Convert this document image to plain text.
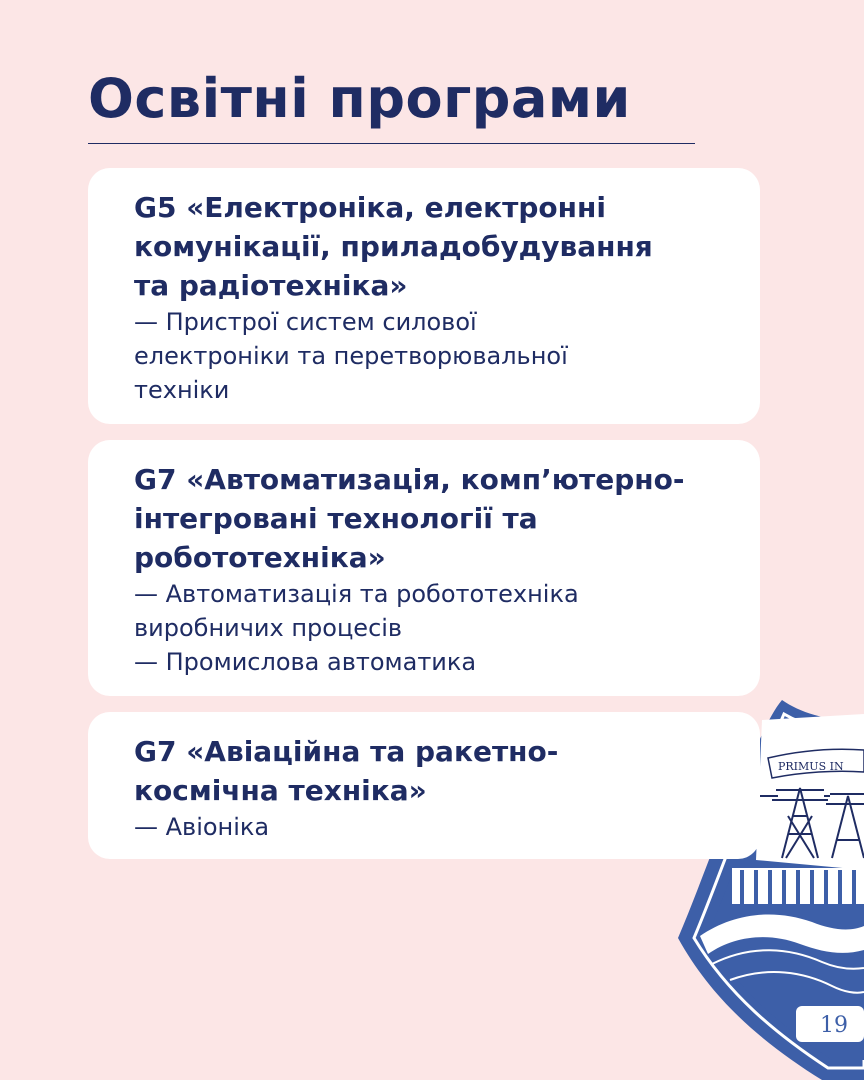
Освітні програми

G5 «Електроніка, електронні

комунікації, приладобудування

та радіотехніка»

— Пристрої систем силової

електроніки та перетворювальної

техніки

G7 «Автоматизація, комп’ютерно-

інтегровані технології та

робототехніка»

— Автоматизація та робототехніка

виробничих процесів

— Промислова автоматика

G7 «Авіаційна та ракетно-

космічна техніка»

— Авіоніка

PRIMUS IN
19
